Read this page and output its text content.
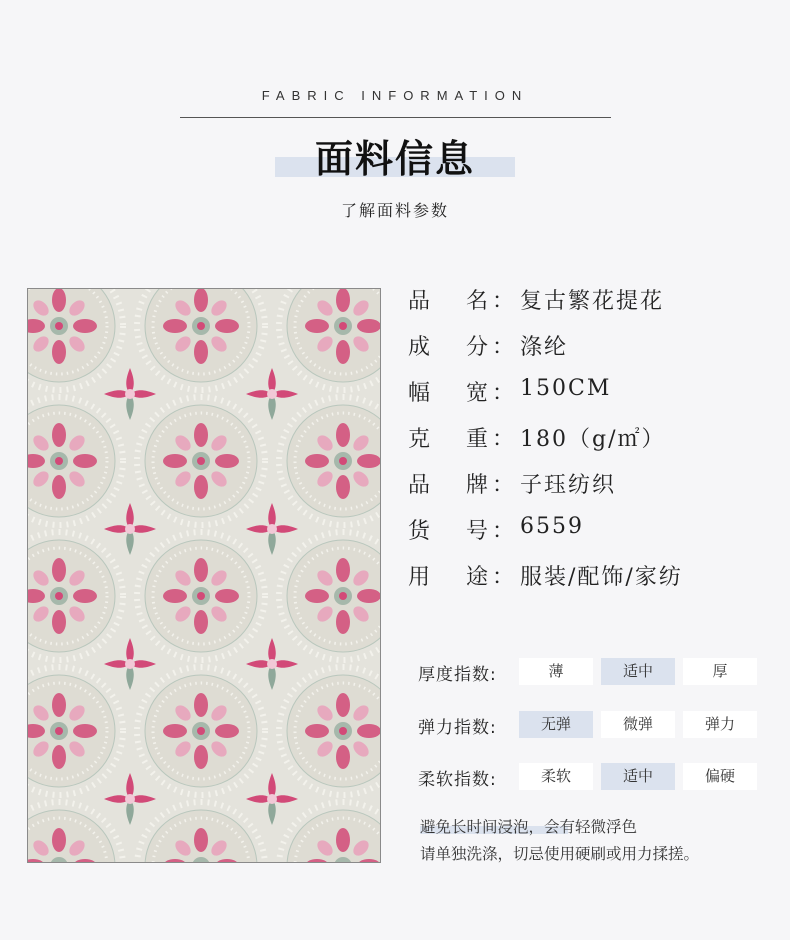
FABRIC INFORMATION
面料信息
了解面料参数
品 名 ： 复古繁花提花
成 分 ： 涤纶
幅 宽 ： 150CM
克 重 ： 180（g/㎡）
品 牌 ： 子珏纺织
货 号 ： 6559
用 途 ： 服装/配饰/家纺
厚度指数:	薄	适中	厚
弹力指数:	无弹	微弹	弹力
柔软指数:	柔软	适中	偏硬
避免长时间浸泡，会有轻微浮色
请单独洗涤，切忌使用硬刷或用力揉搓。
